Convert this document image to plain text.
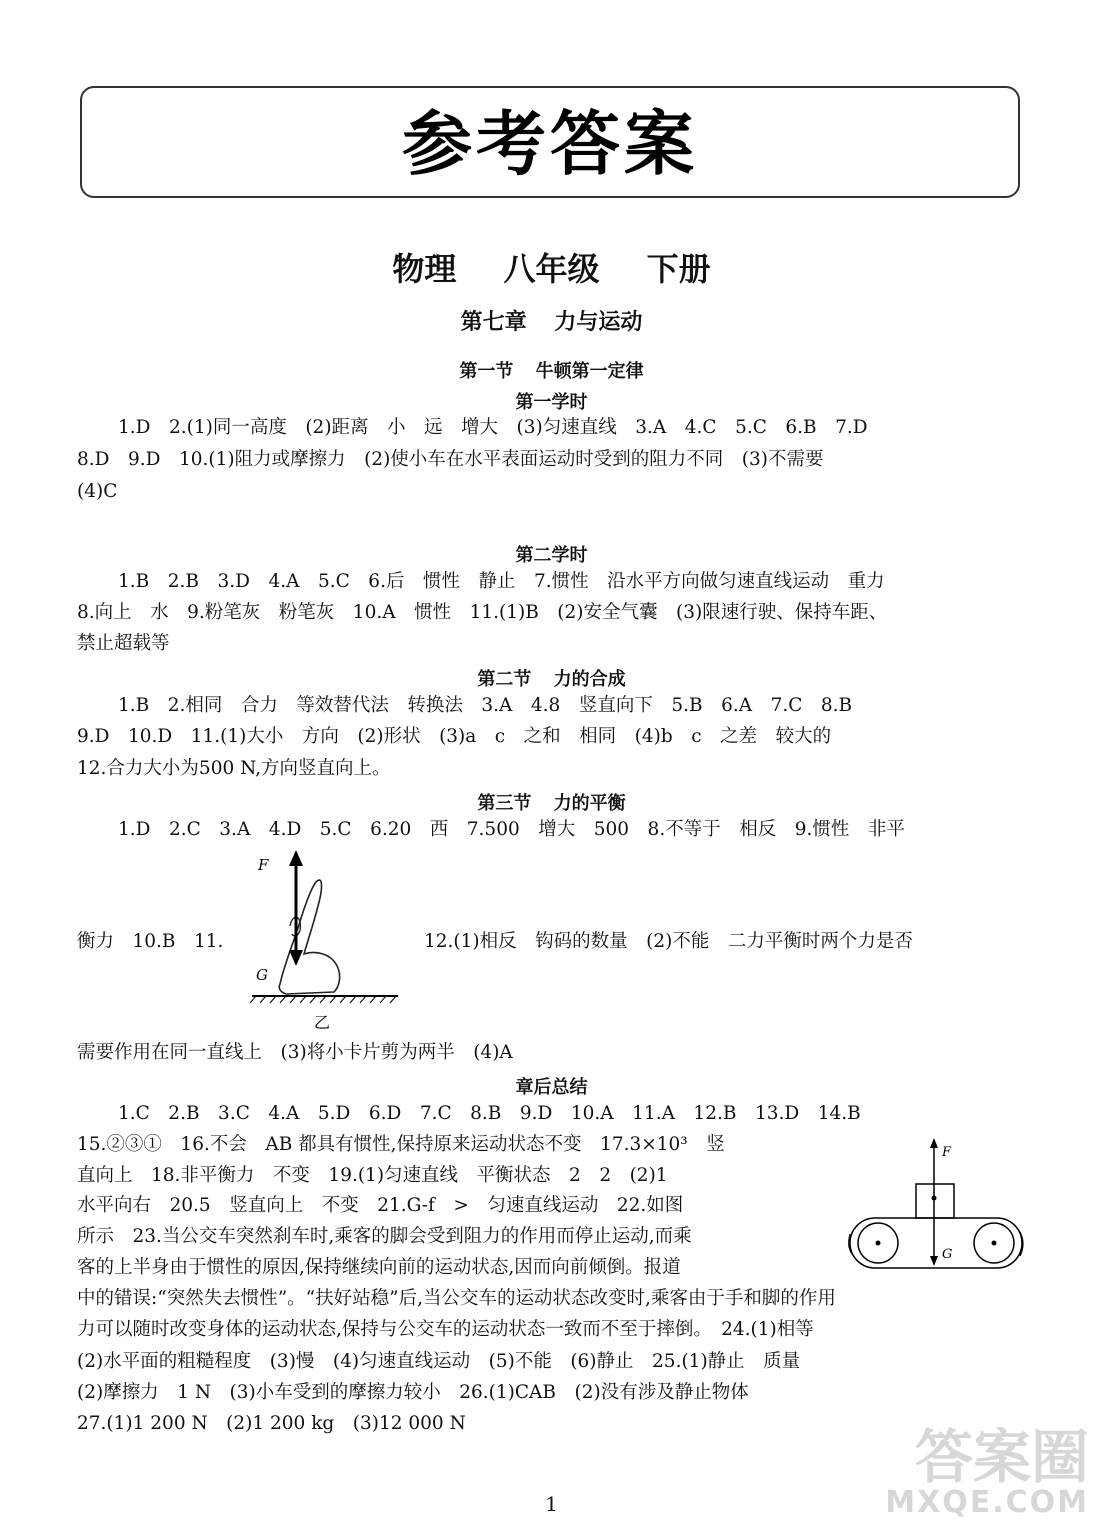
参考答案
物理 八年级 下册
第七章 力与运动
第一节 牛顿第一定律
第一学时
1.D　2.(1)同一高度　(2)距离　小　远　增大　(3)匀速直线　3.A　4.C　5.C　6.B　7.D
8.D　9.D　10.(1)阻力或摩擦力　(2)使小车在水平表面运动时受到的阻力不同　(3)不需要
(4)C
第二学时
1.B　2.B　3.D　4.A　5.C　6.后　惯性　静止　7.惯性　沿水平方向做匀速直线运动　重力
8.向上　水　9.粉笔灰　粉笔灰　10.A　惯性　11.(1)B　(2)安全气囊　(3)限速行驶、保持车距、
禁止超载等
第二节 力的合成
1.B　2.相同　合力　等效替代法　转换法　3.A　4.8　竖直向下　5.B　6.A　7.C　8.B
9.D　10.D　11.(1)大小　方向　(2)形状　(3)a　c　之和　相同　(4)b　c　之差　较大的
12.合力大小为500 N,方向竖直向上。
第三节 力的平衡
1.D　2.C　3.A　4.D　5.C　6.20　西　7.500　增大　500　8.不等于　相反　9.惯性　非平
衡力　10.B　11.	12.(1)相反　钩码的数量　(2)不能　二力平衡时两个力是否
F
G
乙
需要作用在同一直线上　(3)将小卡片剪为两半　(4)A
章后总结
1.C　2.B　3.C　4.A　5.D　6.D　7.C　8.B　9.D　10.A　11.A　12.B　13.D　14.B
15.②③①　16.不会　AB 都具有惯性,保持原来运动状态不变　17.3×10³　竖
直向上　18.非平衡力　不变　19.(1)匀速直线　平衡状态　2　2　(2)1
水平向右　20.5　竖直向上　不变　21.G-f　>　匀速直线运动　22.如图
所示　23.当公交车突然刹车时,乘客的脚会受到阻力的作用而停止运动,而乘
客的上半身由于惯性的原因,保持继续向前的运动状态,因而向前倾倒。报道
中的错误:“突然失去惯性”。“扶好站稳”后,当公交车的运动状态改变时,乘客由于手和脚的作用
力可以随时改变身体的运动状态,保持与公交车的运动状态一致而不至于摔倒。　24.(1)相等
(2)水平面的粗糙程度　(3)慢　(4)匀速直线运动　(5)不能　(6)静止　25.(1)静止　质量
(2)摩擦力　1 N　(3)小车受到的摩擦力较小　26.(1)CAB　(2)没有涉及静止物体
27.(1)1 200 N　(2)1 200 kg　(3)12 000 N
F
G
1
答案圈
MXQE.COM
